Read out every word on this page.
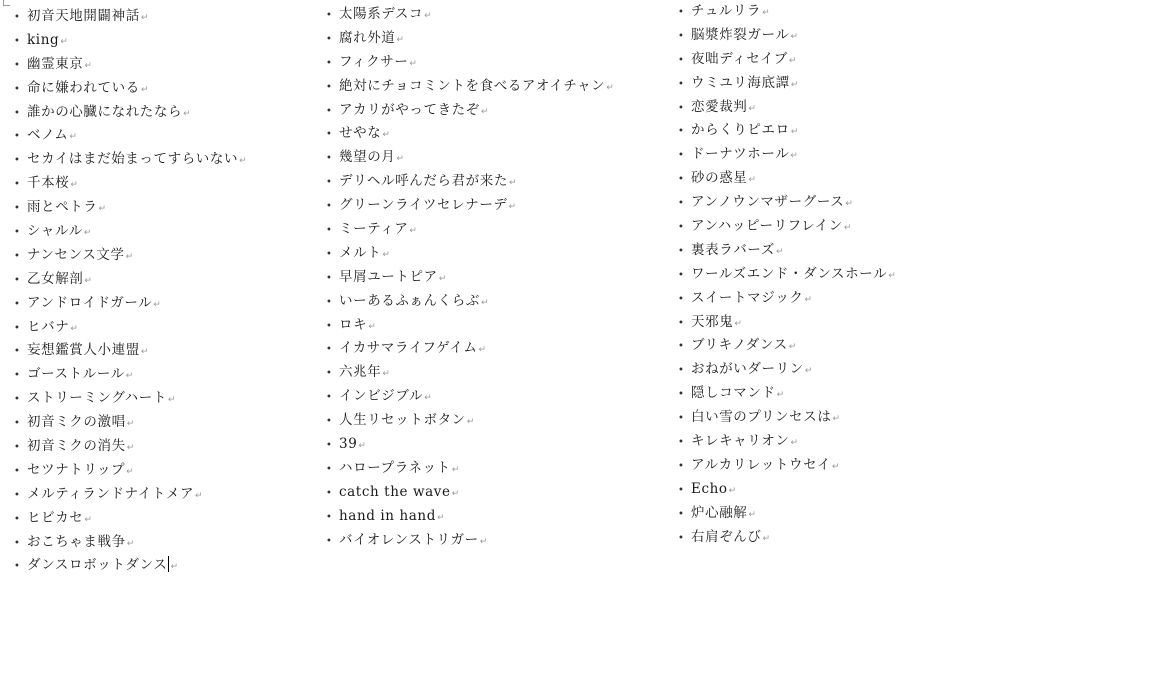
• 初音天地開闢神話↵
• king↵
• 幽霊東京↵
• 命に嫌われている↵
• 誰かの心臓になれたなら↵
• ベノム↵
• セカイはまだ始まってすらいない↵
• 千本桜↵
• 雨とペトラ↵
• シャルル↵
• ナンセンス文学↵
• 乙女解剖↵
• アンドロイドガール↵
• ヒバナ↵
• 妄想鑑賞人小連盟↵
• ゴーストルール↵
• ストリーミングハート↵
• 初音ミクの激唱↵
• 初音ミクの消失↵
• セツナトリップ↵
• メルティランドナイトメア↵
• ヒビカセ↵
• おこちゃま戦争↵
• ダンスロボットダンス ↵
• 太陽系デスコ↵
• 腐れ外道↵
• フィクサー↵
• 絶対にチョコミントを食べるアオイチャン↵
• アカリがやってきたぞ↵
• せやな↵
• 幾望の月↵
• デリヘル呼んだら君が来た↵
• グリーンライツセレナーデ↵
• ミーティア↵
• メルト↵
• 早屑ユートピア↵
• いーあるふぁんくらぶ↵
• ロキ↵
• イカサマライフゲイム↵
• 六兆年↵
• インビジブル↵
• 人生リセットボタン↵
• 39↵
• ハロープラネット↵
• catch the wave↵
• hand in hand↵
• バイオレンストリガー↵
• チュルリラ↵
• 脳漿炸裂ガール↵
• 夜咄ディセイブ↵
• ウミユリ海底譚↵
• 恋愛裁判↵
• からくりピエロ↵
• ドーナツホール↵
• 砂の惑星↵
• アンノウンマザーグース↵
• アンハッピーリフレイン↵
• 裏表ラバーズ↵
• ワールズエンド・ダンスホール↵
• スイートマジック↵
• 天邪鬼↵
• ブリキノダンス↵
• おねがいダーリン↵
• 隠しコマンド↵
• 白い雪のプリンセスは↵
• キレキャリオン↵
• アルカリレットウセイ↵
• Echo↵
• 炉心融解↵
• 右肩ぞんび↵
